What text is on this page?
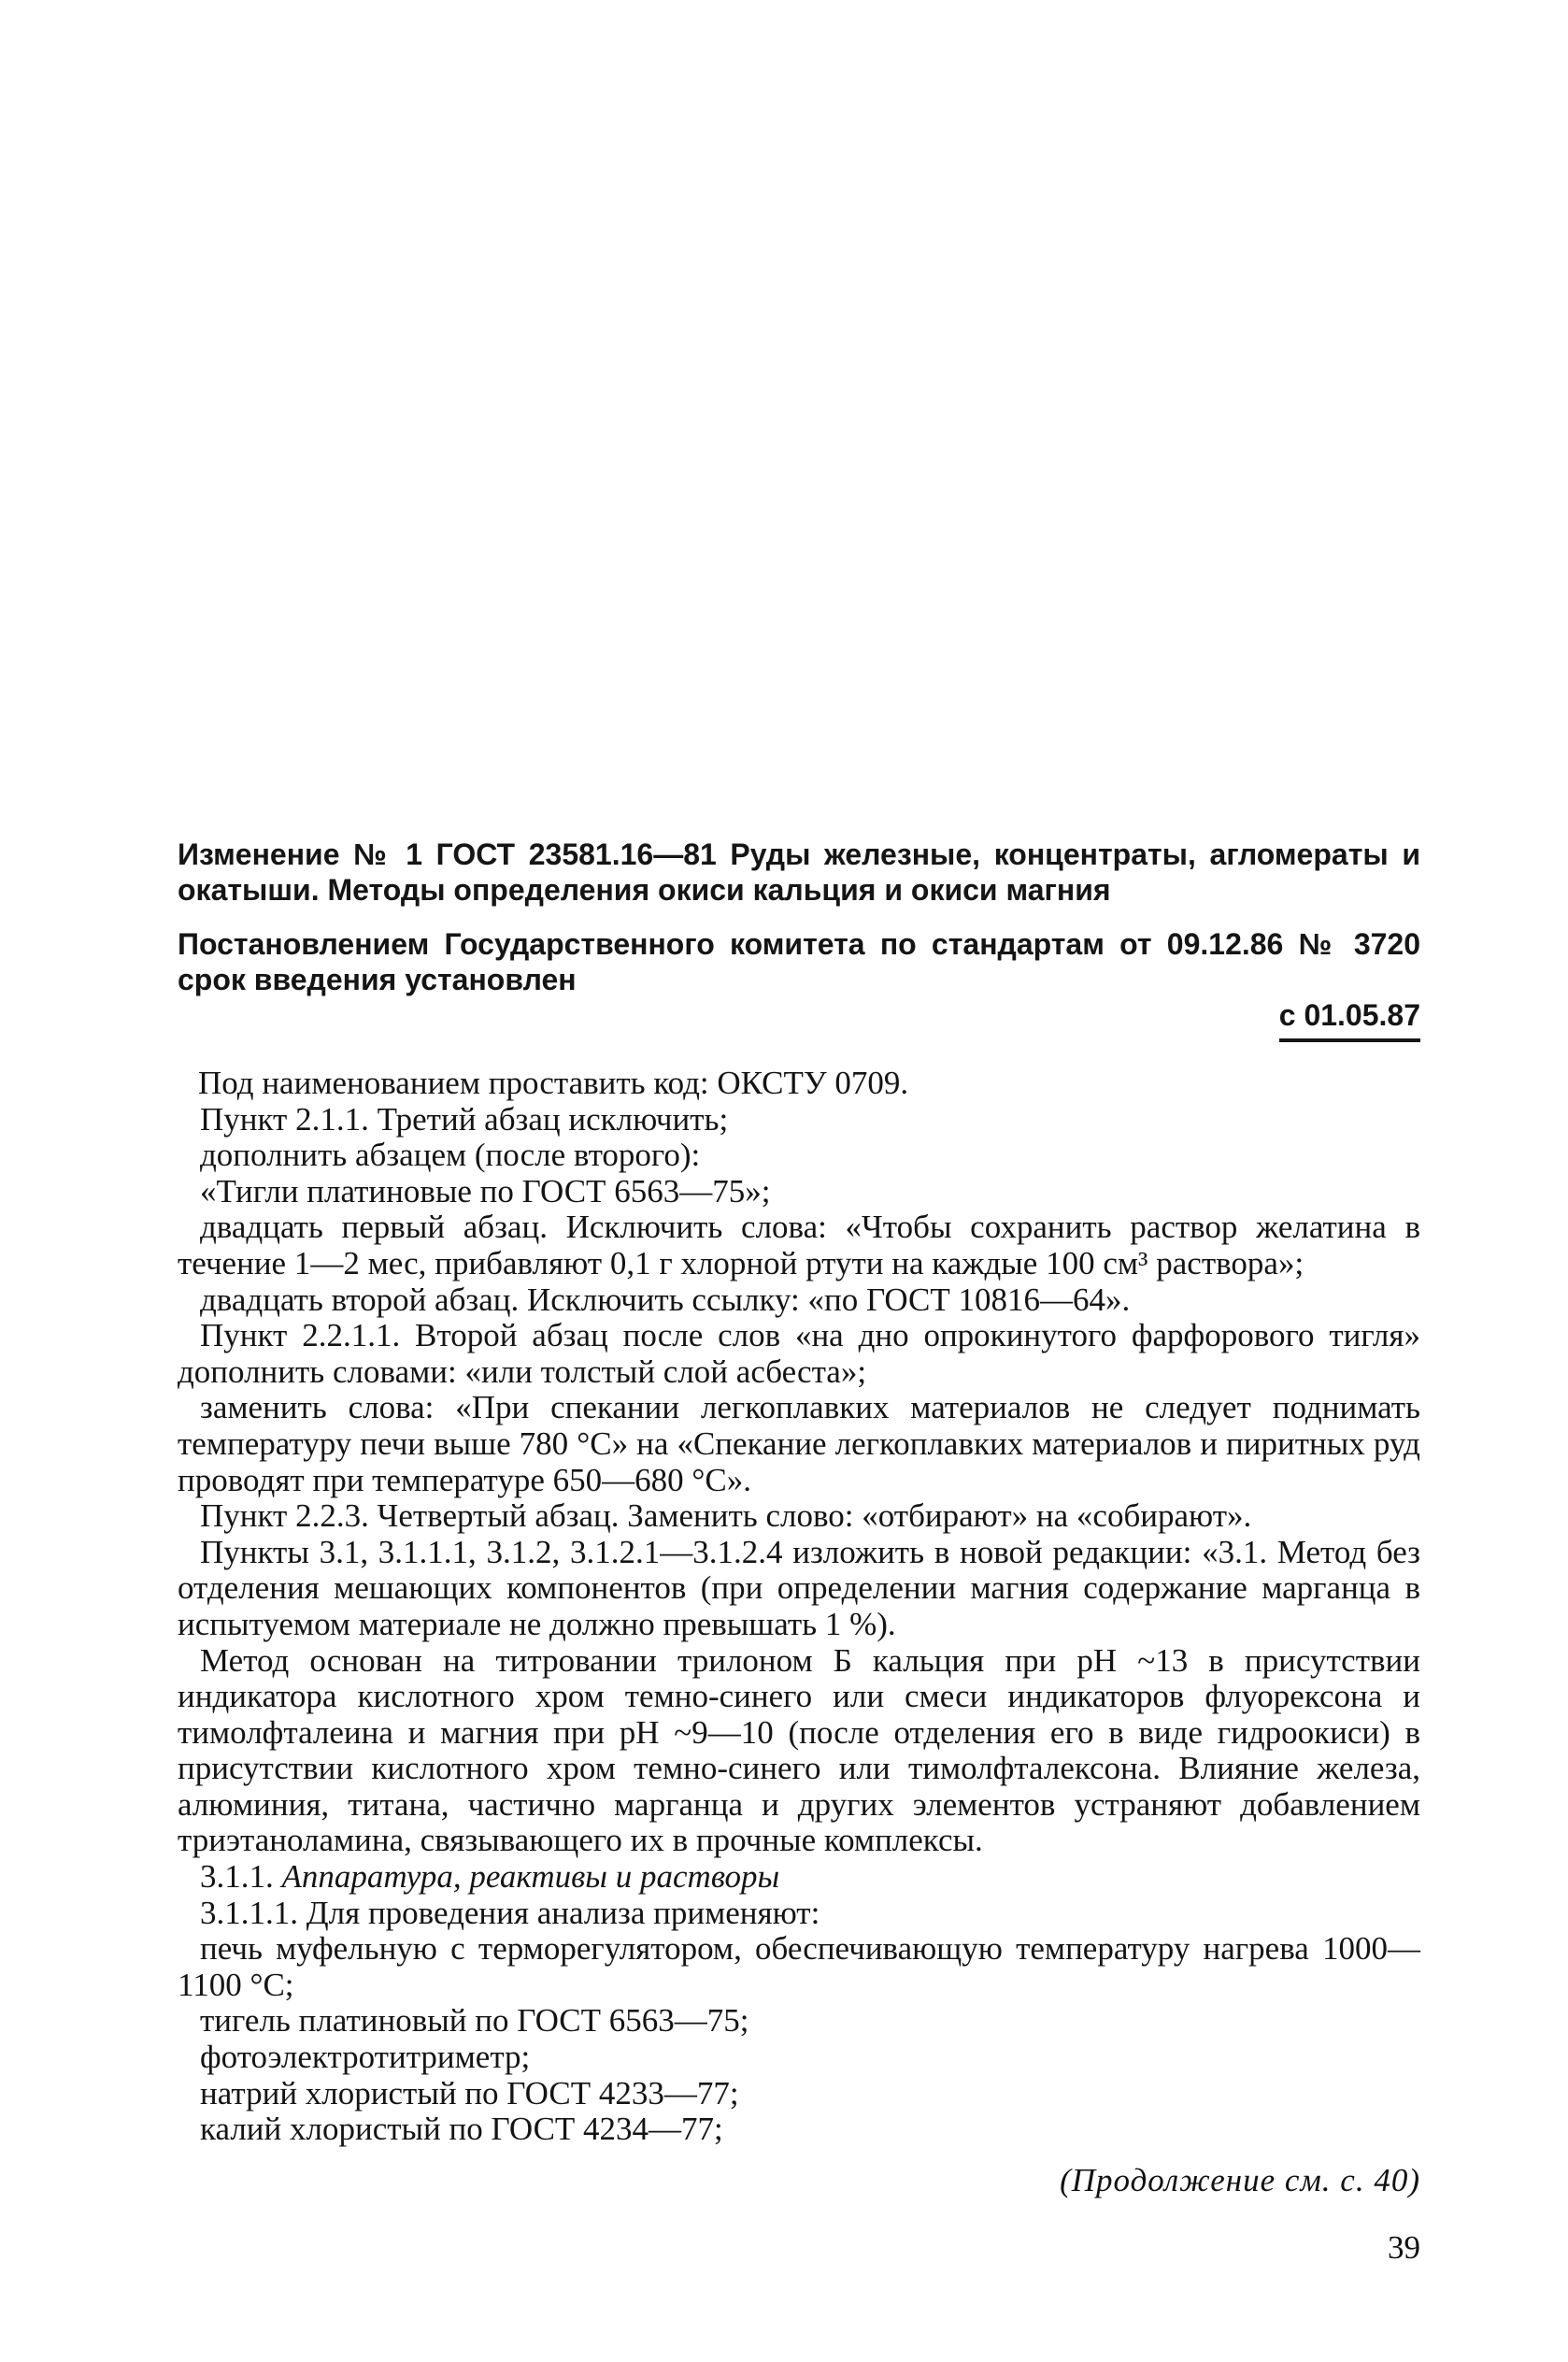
Изменение № 1 ГОСТ 23581.16—81 Руды железные, концентраты, агломераты и окатыши. Методы определения окиси кальция и окиси магния
Постановлением Государственного комитета по стандартам от 09.12.86 № 3720 срок введения установлен
с 01.05.87

Под наименованием проставить код: ОКСТУ 0709.

Пункт 2.1.1. Третий абзац исключить;

дополнить абзацем (после второго):

«Тигли платиновые по ГОСТ 6563—75»;

двадцать первый абзац. Исключить слова: «Чтобы сохранить раствор желатина в течение 1—2 мес, прибавляют 0,1 г хлорной ртути на каждые 100 см³ раствора»;

двадцать второй абзац. Исключить ссылку: «по ГОСТ 10816—64».

Пункт 2.2.1.1. Второй абзац после слов «на дно опрокинутого фарфорового тигля» дополнить словами: «или толстый слой асбеста»;

заменить слова: «При спекании легкоплавких материалов не следует поднимать температуру печи выше 780 °С» на «Спекание легкоплавких материалов и пиритных руд проводят при температуре 650—680 °С».

Пункт 2.2.3. Четвертый абзац. Заменить слово: «отбирают» на «собирают».

Пункты 3.1, 3.1.1.1, 3.1.2, 3.1.2.1—3.1.2.4 изложить в новой редакции: «3.1. Метод без отделения мешающих компонентов (при определении магния содержание марганца в испытуемом материале не должно превышать 1 %).

Метод основан на титровании трилоном Б кальция при рН ~13 в присутствии индикатора кислотного хром темно-синего или смеси индикаторов флуорексона и тимолфталеина и магния при рН ~9—10 (после отделения его в виде гидроокиси) в присутствии кислотного хром темно-синего или тимолфталексона. Влияние железа, алюминия, титана, частично марганца и других элементов устраняют добавлением триэтаноламина, связывающего их в прочные комплексы.

3.1.1. Аппаратура, реактивы и растворы

3.1.1.1. Для проведения анализа применяют:

печь муфельную с терморегулятором, обеспечивающую температуру нагрева 1000—1100 °С;

тигель платиновый по ГОСТ 6563—75;

фотоэлектротитриметр;

натрий хлористый по ГОСТ 4233—77;

калий хлористый по ГОСТ 4234—77;

(Продолжение см. с. 40)
39
